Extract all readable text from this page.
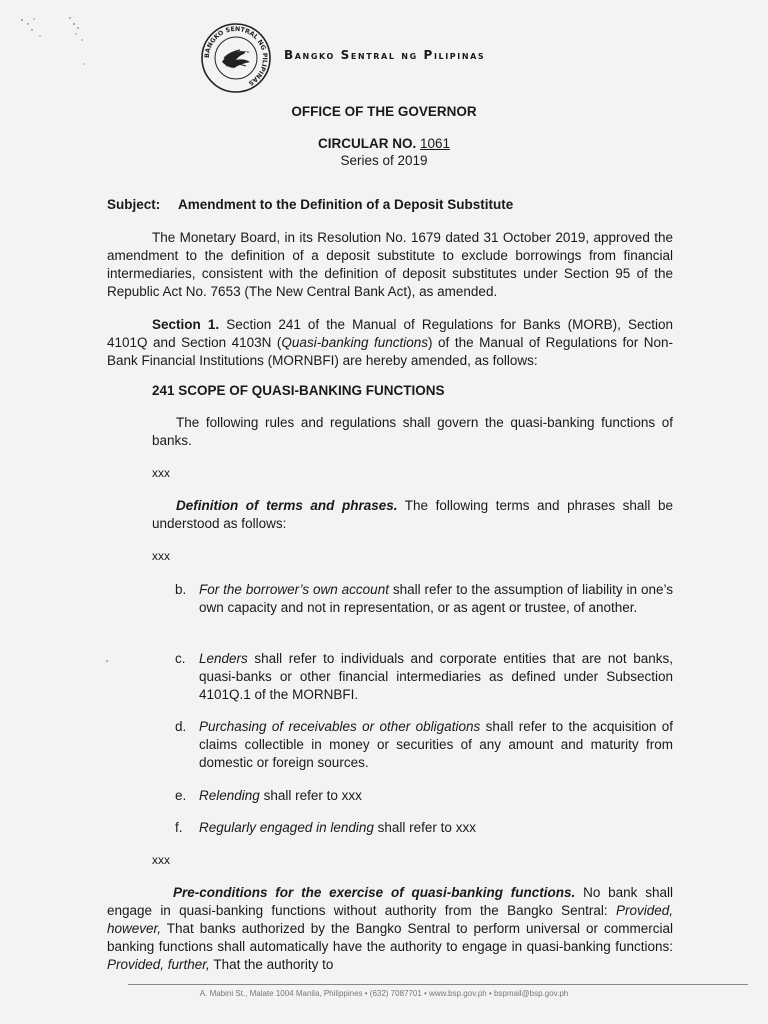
BANGKO SENTRAL NG PILIPINAS
Bangko Sentral ng Pilipinas
OFFICE OF THE GOVERNOR
CIRCULAR NO. 1061
Series of 2019
Subject: Amendment to the Definition of a Deposit Substitute
The Monetary Board, in its Resolution No. 1679 dated 31 October 2019, approved the amendment to the definition of a deposit substitute to exclude borrowings from financial intermediaries, consistent with the definition of deposit substitutes under Section 95 of the Republic Act No. 7653 (The New Central Bank Act), as amended.
Section 1. Section 241 of the Manual of Regulations for Banks (MORB), Section 4101Q and Section 4103N (Quasi-banking functions) of the Manual of Regulations for Non-Bank Financial Institutions (MORNBFI) are hereby amended, as follows:
241 SCOPE OF QUASI-BANKING FUNCTIONS
The following rules and regulations shall govern the quasi-banking functions of banks.
xxx
Definition of terms and phrases. The following terms and phrases shall be understood as follows:
xxx
b. For the borrower’s own account shall refer to the assumption of liability in one’s own capacity and not in representation, or as agent or trustee, of another.
c. Lenders shall refer to individuals and corporate entities that are not banks, quasi-banks or other financial intermediaries as defined under Subsection 4101Q.1 of the MORNBFI.
d. Purchasing of receivables or other obligations shall refer to the acquisition of claims collectible in money or securities of any amount and maturity from domestic or foreign sources.
e. Relending shall refer to xxx
f. Regularly engaged in lending shall refer to xxx
xxx
Pre-conditions for the exercise of quasi-banking functions. No bank shall engage in quasi-banking functions without authority from the Bangko Sentral: Provided, however, That banks authorized by the Bangko Sentral to perform universal or commercial banking functions shall automatically have the authority to engage in quasi-banking functions: Provided, further, That the authority to
A. Mabini St., Malate 1004 Manila, Philippines • (632) 7087701 • www.bsp.gov.ph • bspmail@bsp.gov.ph
